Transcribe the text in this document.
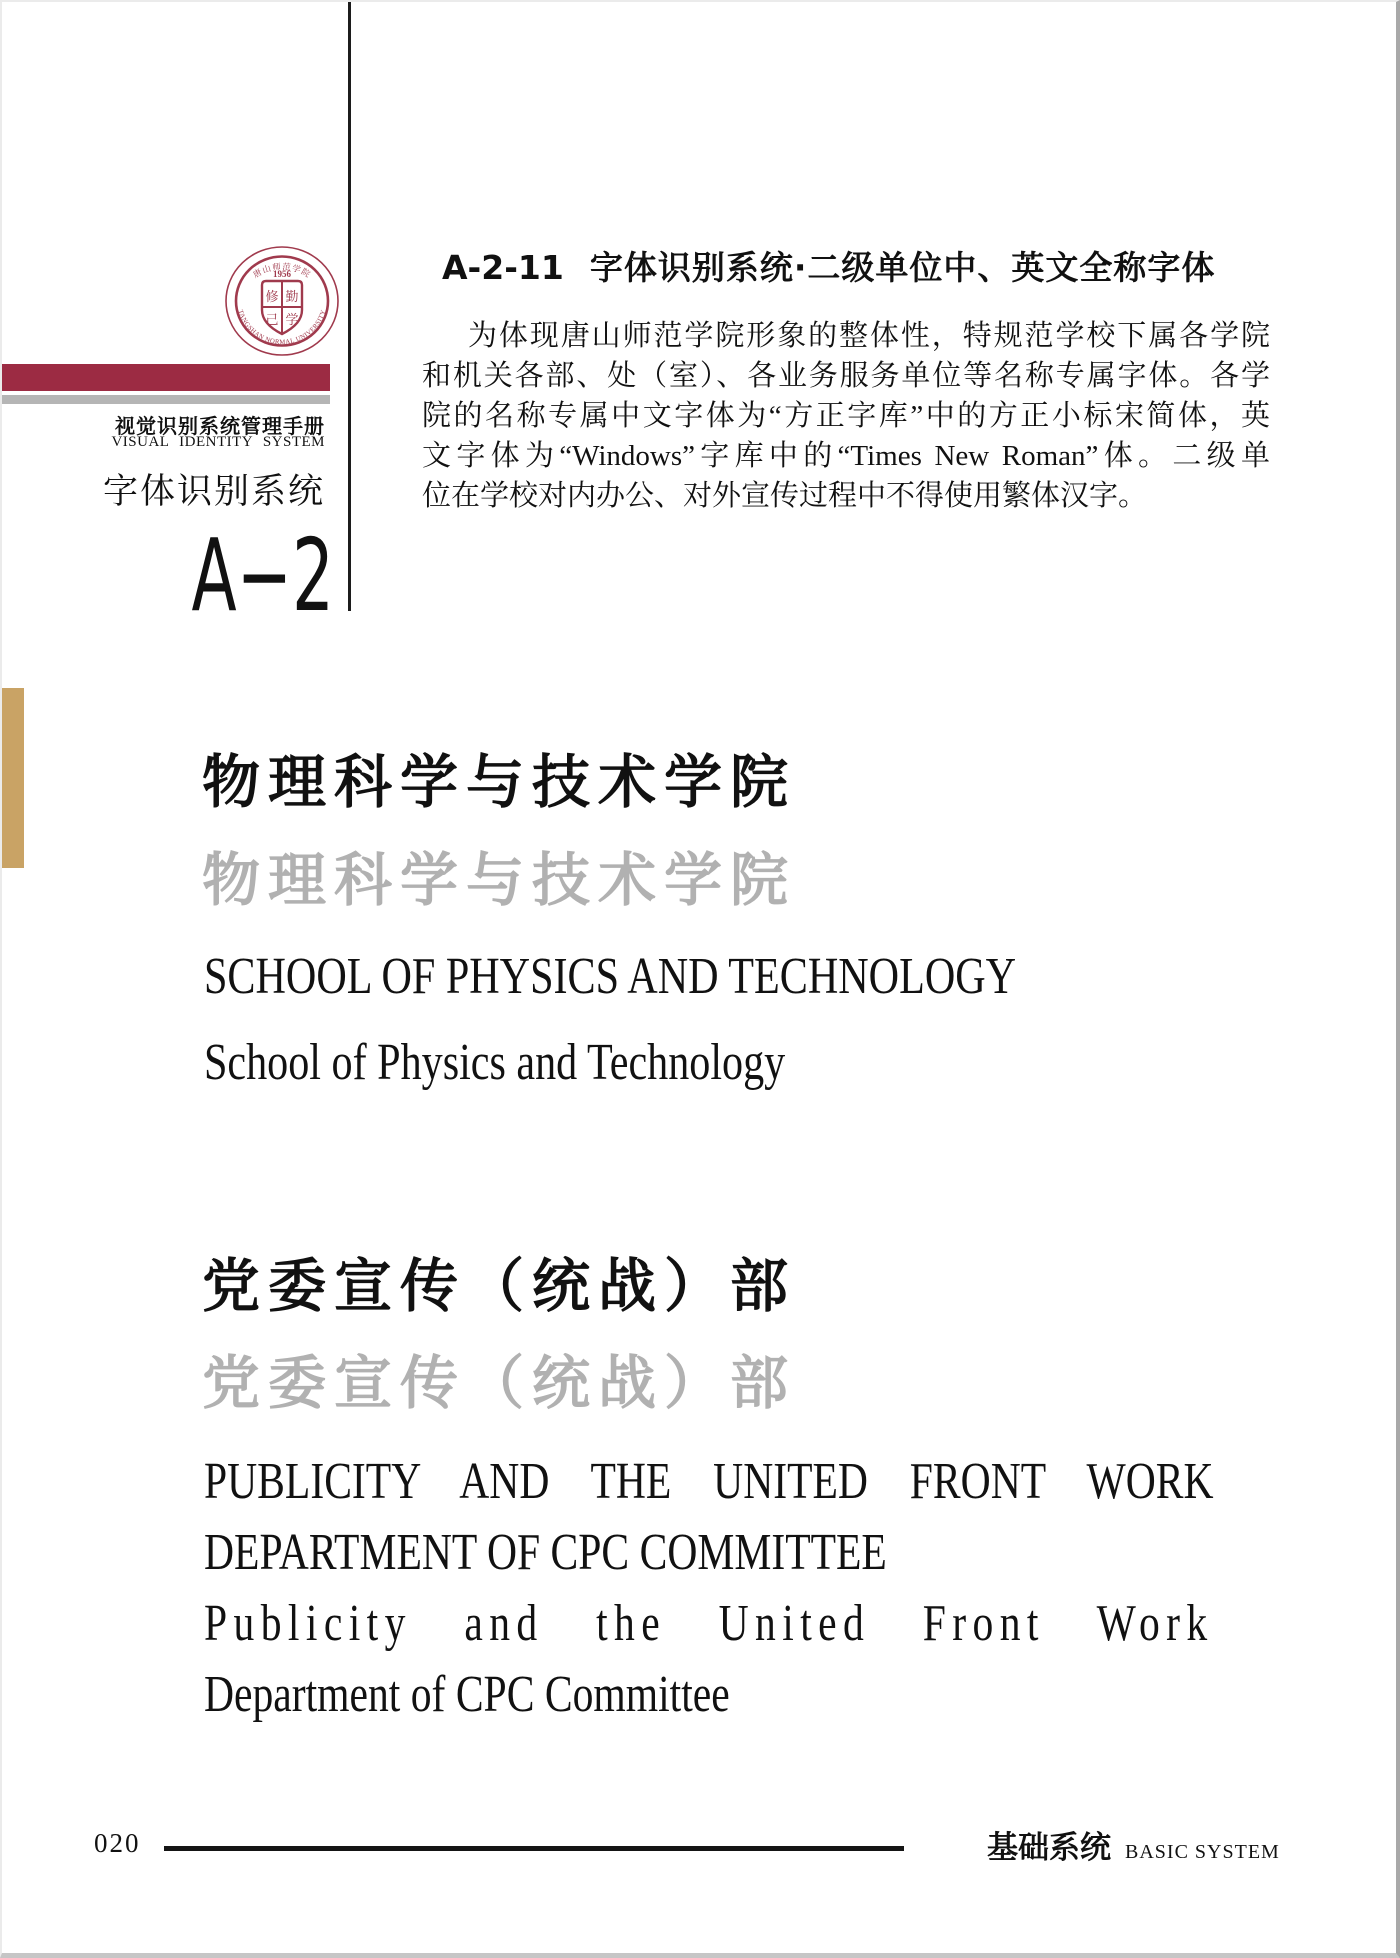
唐山师范学院
1956
修 勤
己 学
TANGSHAN NORMAL UNIVERSITY
视觉识别系统管理手册
VISUAL IDENTITY SYSTEM
字体识别系统
A−2
A-2-11 字体识别系统·二级单位中、英文全称字体
为体现唐山师范学院形象的整体性，特规范学校下属各学院
和机关各部、处（室）、各业务服务单位等名称专属字体。各学
院的名称专属中文字体为“方正字库”中的方正小标宋简体，英
文字体为“Windows”字库中的“Times New Roman”体。二级单
位在学校对内办公、对外宣传过程中不得使用繁体汉字。
物理科学与技术学院
物理科学与技术学院
SCHOOL OF PHYSICS AND TECHNOLOGY
School of Physics and Technology
党委宣传（统战）部
党委宣传（统战）部
PUBLICITY AND THE UNITED FRONT WORK
DEPARTMENT OF CPC COMMITTEE
Publicity and the United Front Work
Department of CPC Committee
020	基础系统 BASIC SYSTEM
